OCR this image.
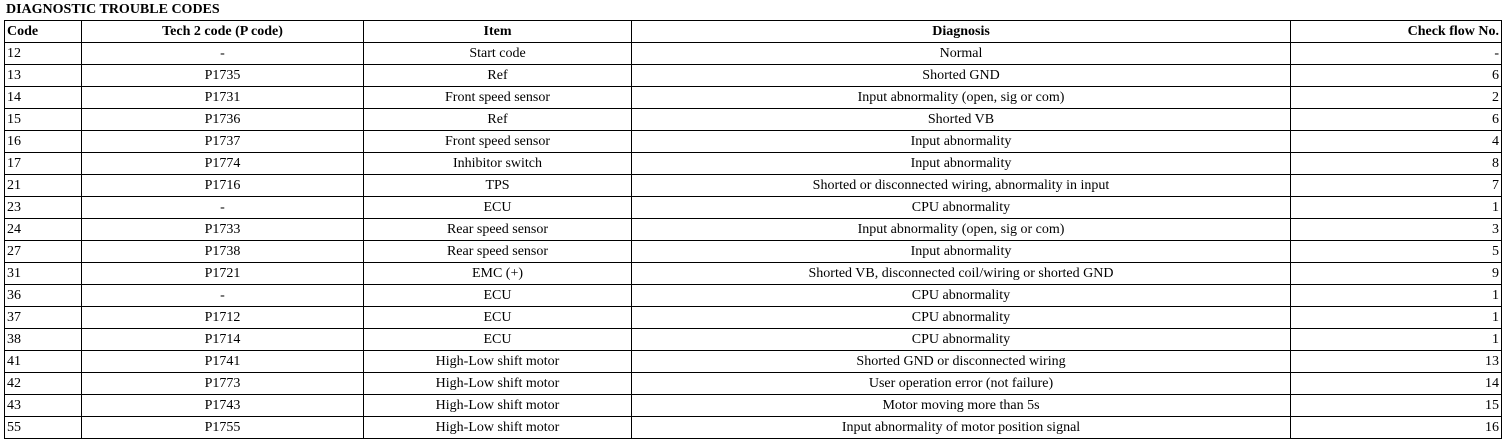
DIAGNOSTIC TROUBLE CODES
Code	Tech 2 code (P code)	Item	Diagnosis	Check flow No.
12	-	Start code	Normal	-
13	P1735	Ref	Shorted GND	6
14	P1731	Front speed sensor	Input abnormality (open, sig or com)	2
15	P1736	Ref	Shorted VB	6
16	P1737	Front speed sensor	Input abnormality	4
17	P1774	Inhibitor switch	Input abnormality	8
21	P1716	TPS	Shorted or disconnected wiring, abnormality in input	7
23	-	ECU	CPU abnormality	1
24	P1733	Rear speed sensor	Input abnormality (open, sig or com)	3
27	P1738	Rear speed sensor	Input abnormality	5
31	P1721	EMC (+)	Shorted VB, disconnected coil/wiring or shorted GND	9
36	-	ECU	CPU abnormality	1
37	P1712	ECU	CPU abnormality	1
38	P1714	ECU	CPU abnormality	1
41	P1741	High-Low shift motor	Shorted GND or disconnected wiring	13
42	P1773	High-Low shift motor	User operation error (not failure)	14
43	P1743	High-Low shift motor	Motor moving more than 5s	15
55	P1755	High-Low shift motor	Input abnormality of motor position signal	16
